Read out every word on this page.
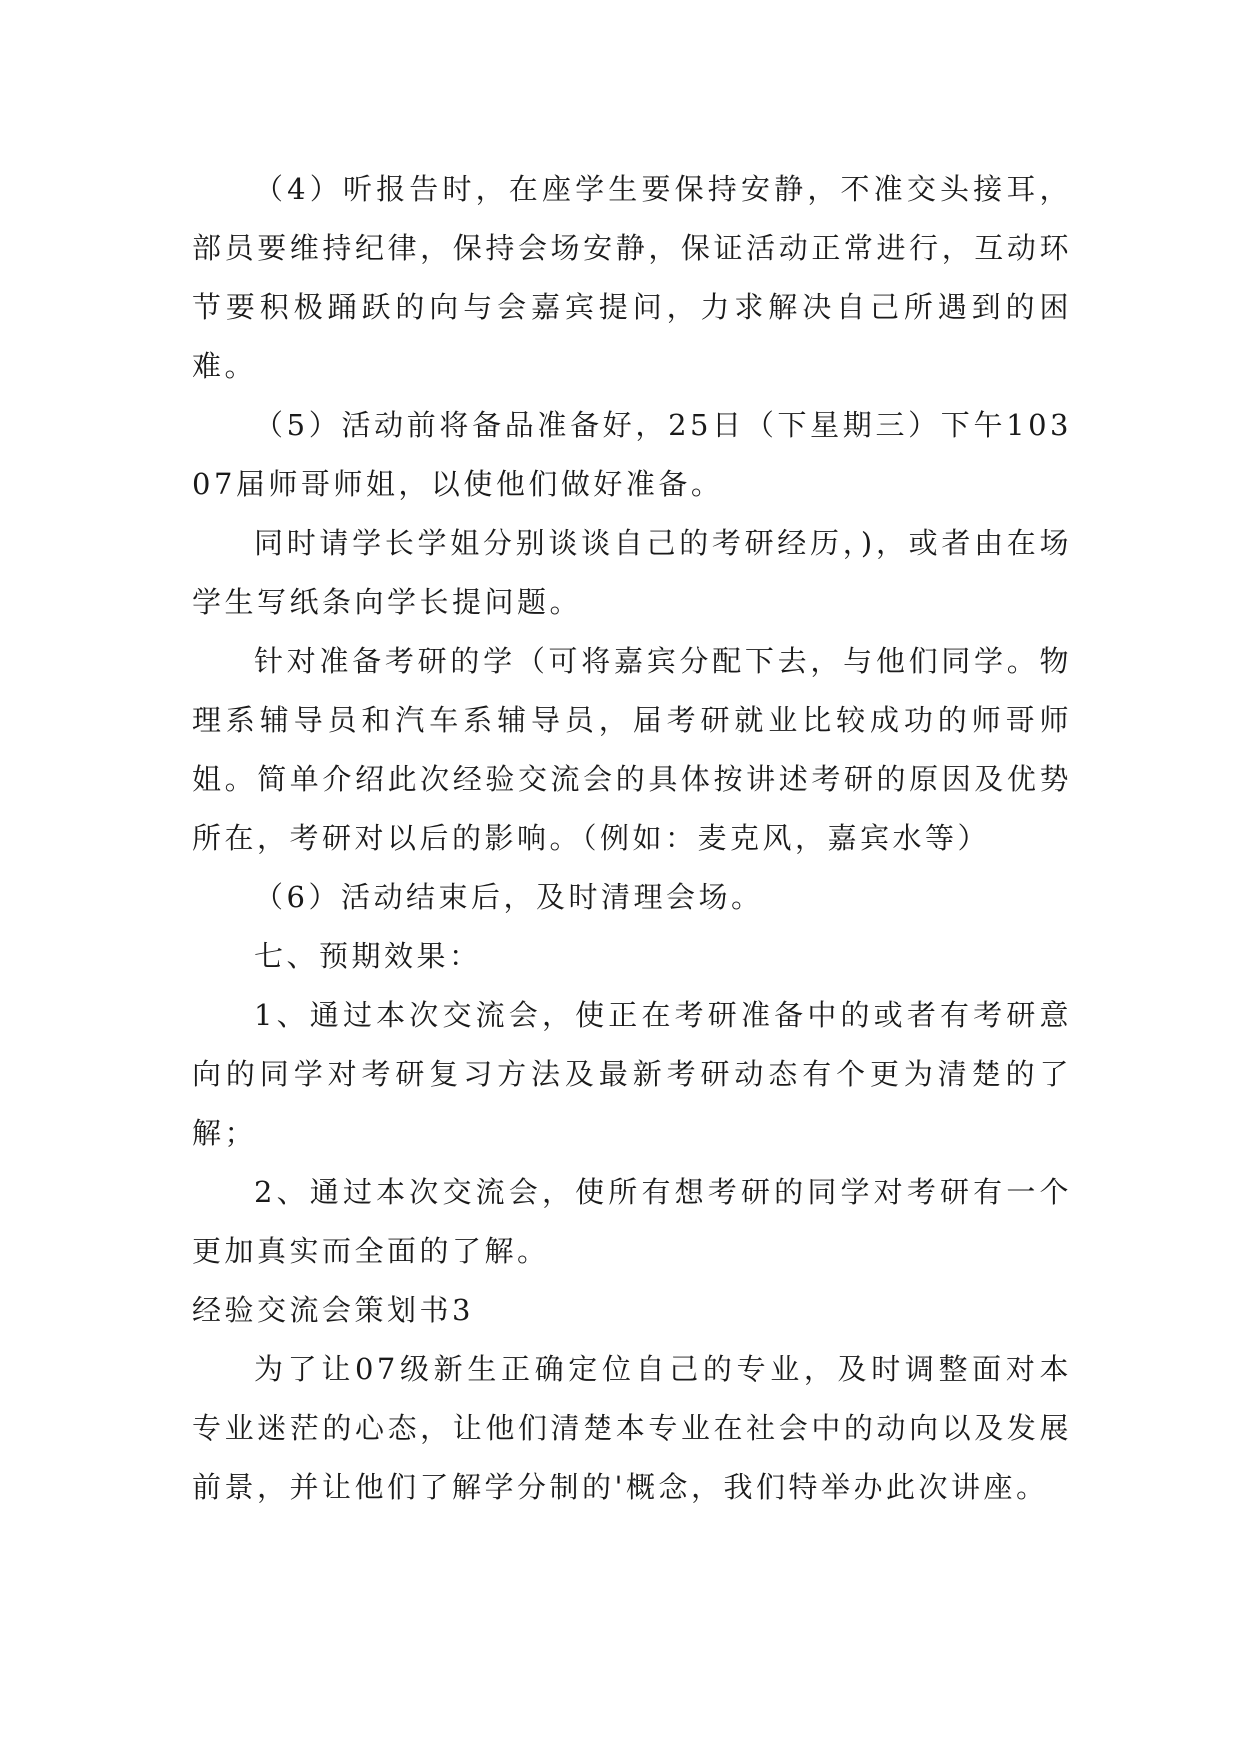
（4）听报告时，在座学生要保持安静，不准交头接耳，部员要维持纪律，保持会场安静，保证活动正常进行，互动环节要积极踊跃的向与会嘉宾提问，力求解决自己所遇到的困难。

（5）活动前将备品准备好，25日（下星期三）下午10307届师哥师姐，以使他们做好准备。

同时请学长学姐分别谈谈自己的考研经历，)，或者由在场学生写纸条向学长提问题。

针对准备考研的学（可将嘉宾分配下去，与他们同学。物理系辅导员和汽车系辅导员，届考研就业比较成功的师哥师姐。简单介绍此次经验交流会的具体按讲述考研的原因及优势所在，考研对以后的影响。（例如：麦克风，嘉宾水等）

（6）活动结束后，及时清理会场。

七、预期效果：

1、通过本次交流会，使正在考研准备中的或者有考研意向的同学对考研复习方法及最新考研动态有个更为清楚的了解；

2、通过本次交流会，使所有想考研的同学对考研有一个更加真实而全面的了解。

经验交流会策划书3

为了让07级新生正确定位自己的专业，及时调整面对本专业迷茫的心态，让他们清楚本专业在社会中的动向以及发展前景，并让他们了解学分制的'概念，我们特举办此次讲座。
